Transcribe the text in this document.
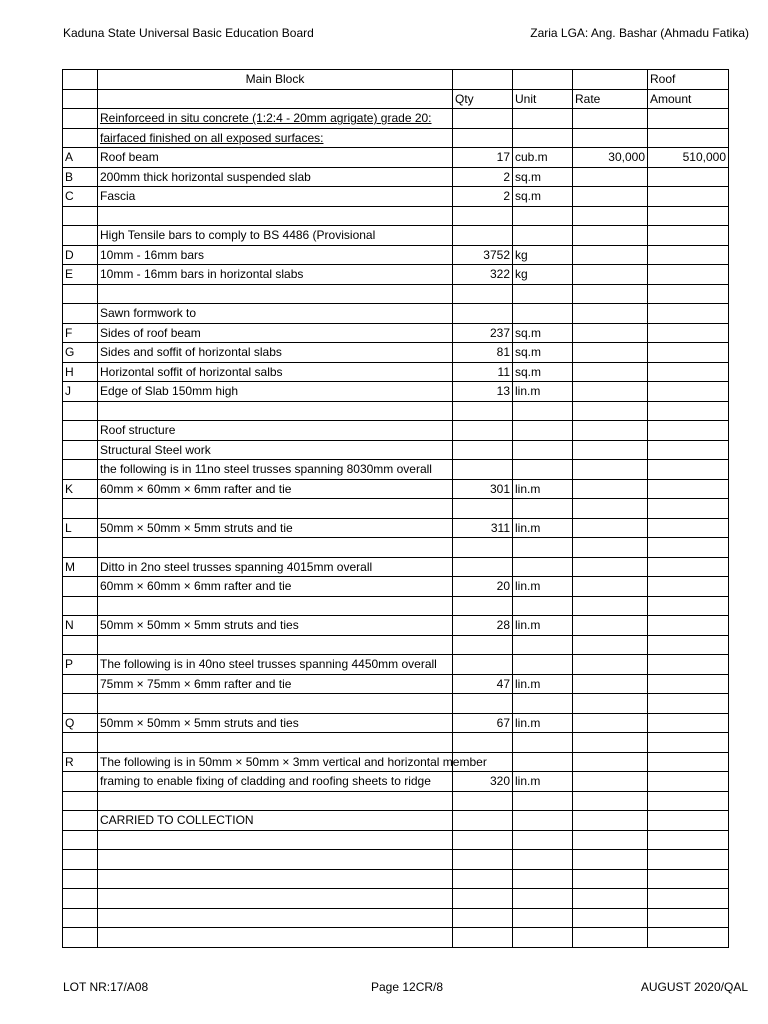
Kaduna State Universal Basic Education Board	Zaria LGA: Ang. Bashar (Ahmadu Fatika)
	Main Block				Roof
		Qty	Unit	Rate	Amount
	Reinforceed in situ concrete (1:2:4 - 20mm agrigate) grade 20:				
	fairfaced finished on all exposed surfaces:				
A	Roof beam	17	cub.m	30,000	510,000
B	200mm thick horizontal suspended slab	2	sq.m		
C	Fascia	2	sq.m		

	High Tensile bars to comply to BS 4486 (Provisional				
D	10mm - 16mm bars	3752	kg		
E	10mm - 16mm bars in horizontal slabs	322	kg		

	Sawn formwork to				
F	Sides of roof beam	237	sq.m		
G	Sides and soffit of horizontal slabs	81	sq.m		
H	Horizontal soffit of horizontal salbs	11	sq.m		
J	Edge of Slab 150mm high	13	lin.m		

	Roof structure				
	Structural Steel work				
	the following is in 11no steel trusses spanning 8030mm overall				
K	60mm × 60mm × 6mm rafter and tie	301	lin.m		

L	50mm × 50mm × 5mm struts and tie	311	lin.m		

M	Ditto in 2no steel trusses spanning 4015mm overall				
	60mm × 60mm × 6mm rafter and tie	20	lin.m		

N	50mm × 50mm × 5mm struts and ties	28	lin.m		

P	The following is in 40no steel trusses spanning 4450mm overall				
	75mm × 75mm × 6mm rafter and tie	47	lin.m		

Q	50mm × 50mm × 5mm struts and ties	67	lin.m		

R	The following is in 50mm × 50mm × 3mm vertical and horizontal member				
	framing to enable fixing of cladding and roofing sheets to ridge	320	lin.m		

	CARRIED TO COLLECTION				

LOT NR:17/A08	Page 12CR/8	AUGUST 2020/QAL
